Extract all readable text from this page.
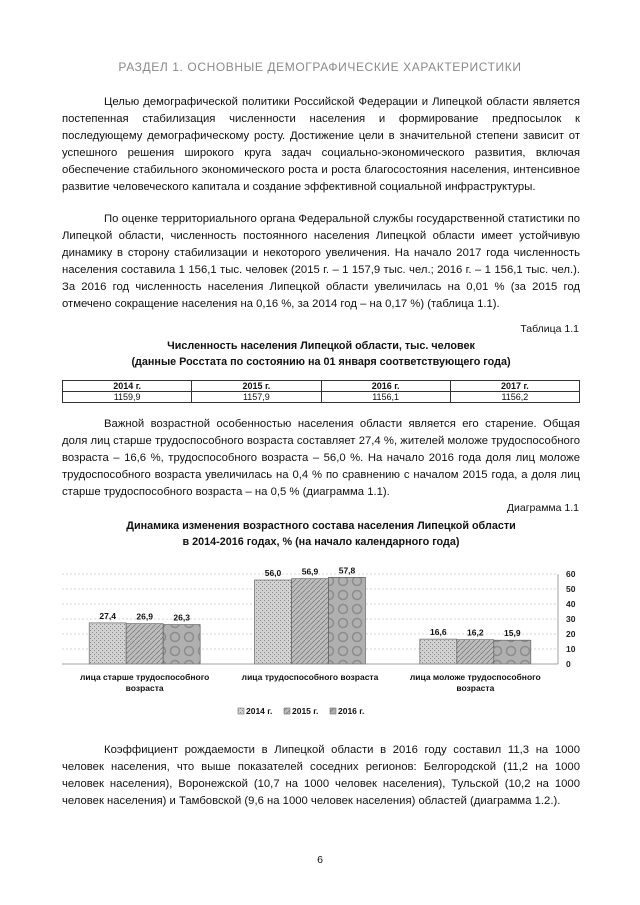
РАЗДЕЛ 1. ОСНОВНЫЕ ДЕМОГРАФИЧЕСКИЕ ХАРАКТЕРИСТИКИ

Целью демографической политики Российской Федерации и Липецкой области является постепенная стабилизация численности населения и формирование предпосылок к последующему демографическому росту. Достижение цели в значительной степени зависит от успешного решения широкого круга задач социально-экономического развития, включая обеспечение стабильного экономического роста и роста благосостояния населения, интенсивное развитие человеческого капитала и создание эффективной социальной инфраструктуры.

По оценке территориального органа Федеральной службы государственной статистики по Липецкой области, численность постоянного населения Липецкой области имеет устойчивую динамику в сторону стабилизации и некоторого увеличения. На начало 2017 года численность населения составила 1 156,1 тыс. человек (2015 г. – 1 157,9 тыс. чел.; 2016 г. – 1 156,1 тыс. чел.). За 2016 год численность населения Липецкой области увеличилась на 0,01 % (за 2015 год отмечено сокращение населения на 0,16 %, за 2014 год – на 0,17 %) (таблица 1.1).

Таблица 1.1
Численность населения Липецкой области, тыс. человек
(данные Росстата по состоянию на 01 января соответствующего года)
2014 г.	2015 г.	2016 г.	2017 г.
1159,9	1157,9	1156,1	1156,2

Важной возрастной особенностью населения области является его старение. Общая доля лиц старше трудоспособного возраста составляет 27,4 %, жителей моложе трудоспособного возраста – 16,6 %, трудоспособного возраста – 56,0 %. На начало 2016 года доля лиц моложе трудоспособного возраста увеличилась на 0,4 % по сравнению с началом 2015 года, а доля лиц старше трудоспособного возраста – на 0,5 % (диаграмма 1.1).

Диаграмма 1.1
Динамика изменения возрастного состава населения Липецкой области
в 2014-2016 годах, % (на начало календарного года)
27,4 26,9 26,3
56,0 56,9 57,8
16,6 16,2 15,9
0
10
20
30
40
50
60
лица старше трудоспособного
возраста
лица трудоспособного возраста	лица моложе трудоспособного
возраста
2014 г. 2015 г. 2016 г.

Коэффициент рождаемости в Липецкой области в 2016 году составил 11,3 на 1000 человек населения, что выше показателей соседних регионов: Белгородской (11,2 на 1000 человек населения), Воронежской (10,7 на 1000 человек населения), Тульской (10,2 на 1000 человек населения) и Тамбовской (9,6 на 1000 человек населения) областей (диаграмма 1.2.).

6
